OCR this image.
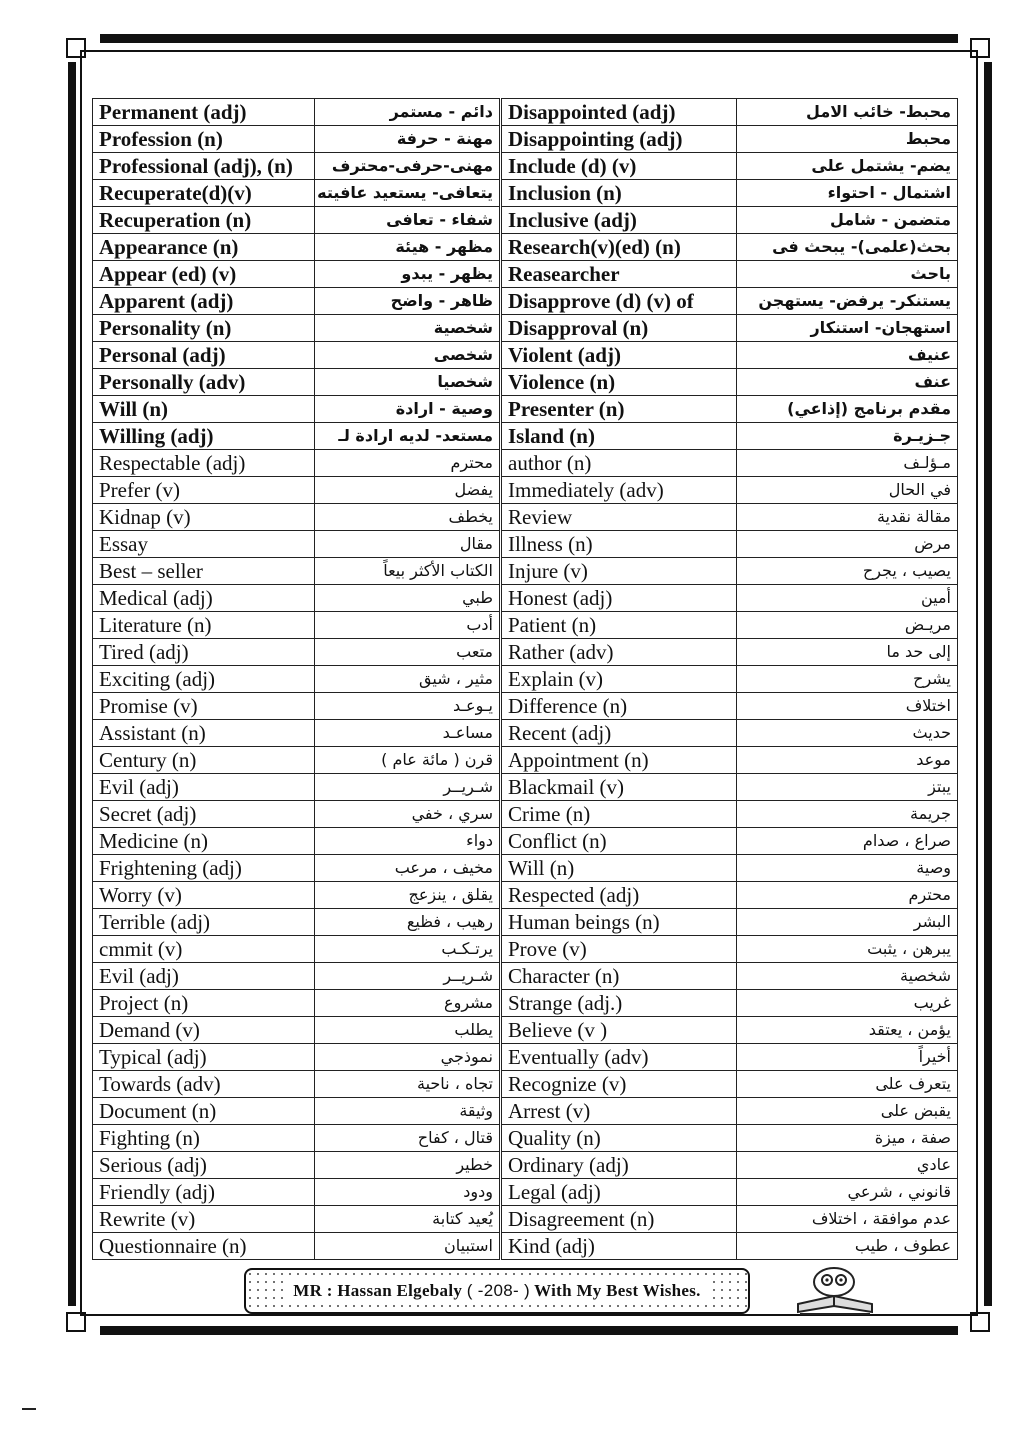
Permanent (adj)	دائم - مستمر	Disappointed (adj)	محبط- خائب الامل
Profession (n)	مهنة - حرفة	Disappointing (adj)	محبط
Professional (adj), (n)	مهنى-حرفى-محترف	Include (d) (v)	يضم- يشتمل على
Recuperate(d)(v)	يتعافى- يستعيد عافيته	Inclusion (n)	اشتمال - احتواء
Recuperation (n)	شفاء - تعافى	Inclusive (adj)	متضمن - شامل
Appearance (n)	مظهر - هيئة	Research(v)(ed) (n)	بحث(علمى)- يبحث فى
Appear (ed) (v)	يظهر - يبدو	Reasearcher	باحث
Apparent (adj)	ظاهر - واضح	Disapprove (d) (v) of	يستنكر- يرفض- يستهجن
Personality (n)	شخصية	Disapproval (n)	استهجان- استنكار
Personal (adj)	شخصى	Violent (adj)	عنيف
Personally (adv)	شخصيا	Violence (n)	عنف
Will (n)	وصية - ارادة	Presenter (n)	مقدم برنامج (إذاعي)
Willing (adj)	مستعد- لديه ارادة لـ	Island (n)	جـزيـرة
Respectable (adj)	محترم	author (n)	مـؤلـف
Prefer (v)	يفضل	Immediately (adv)	في الحال
Kidnap (v)	يخطف	Review	مقالة نقدية
Essay	مقال	Illness (n)	مرض
Best – seller	الكتاب الأكثر بيعاً	Injure (v)	يصيب ، يجرح
Medical (adj)	طبي	Honest (adj)	أمين
Literature (n)	أدب	Patient (n)	مريـض
Tired (adj)	متعب	Rather (adv)	إلى حد ما
Exciting (adj)	مثير ، شيق	Explain (v)	يشرح
Promise (v)	يـوعـد	Difference (n)	اختلاف
Assistant (n)	مساعـد	Recent (adj)	حديث
Century (n)	قرن ( مائة عام )	Appointment (n)	موعد
Evil (adj)	شـريــر	Blackmail (v)	يبتز
Secret (adj)	سري ، خفي	Crime (n)	جريمة
Medicine (n)	دواء	Conflict (n)	صراع ، صدام
Frightening (adj)	مخيف ، مرعب	Will (n)	وصية
Worry (v)	يقلق ، ينزعج	Respected (adj)	محترم
Terrible (adj)	رهيب ، فظيع	Human beings (n)	البشر
cmmit (v)	يرتـكـب	Prove (v)	يبرهن ، يثبت
Evil (adj)	شـريــر	Character (n)	شخصية
Project (n)	مشروع	Strange (adj.)	غريب
Demand (v)	يطلب	Believe (v )	يؤمن ، يعتقد
Typical (adj)	نموذجي	Eventually (adv)	أخيراً
Towards (adv)	تجاه ، ناحية	Recognize (v)	يتعرف على
Document (n)	وثيقة	Arrest (v)	يقبض على
Fighting (n)	قتال ، كفاح	Quality (n)	صفة ، ميزة
Serious (adj)	خطير	Ordinary (adj)	عادي
Friendly (adj)	ودود	Legal (adj)	قانوني ، شرعي
Rewrite (v)	يُعيد كتابة	Disagreement (n)	عدم موافقة ، اختلاف
Questionnaire (n)	استبيان	Kind (adj)	عطوف ، طيب
MR : Hassan Elgebaly ( -208- ) With My Best Wishes.
